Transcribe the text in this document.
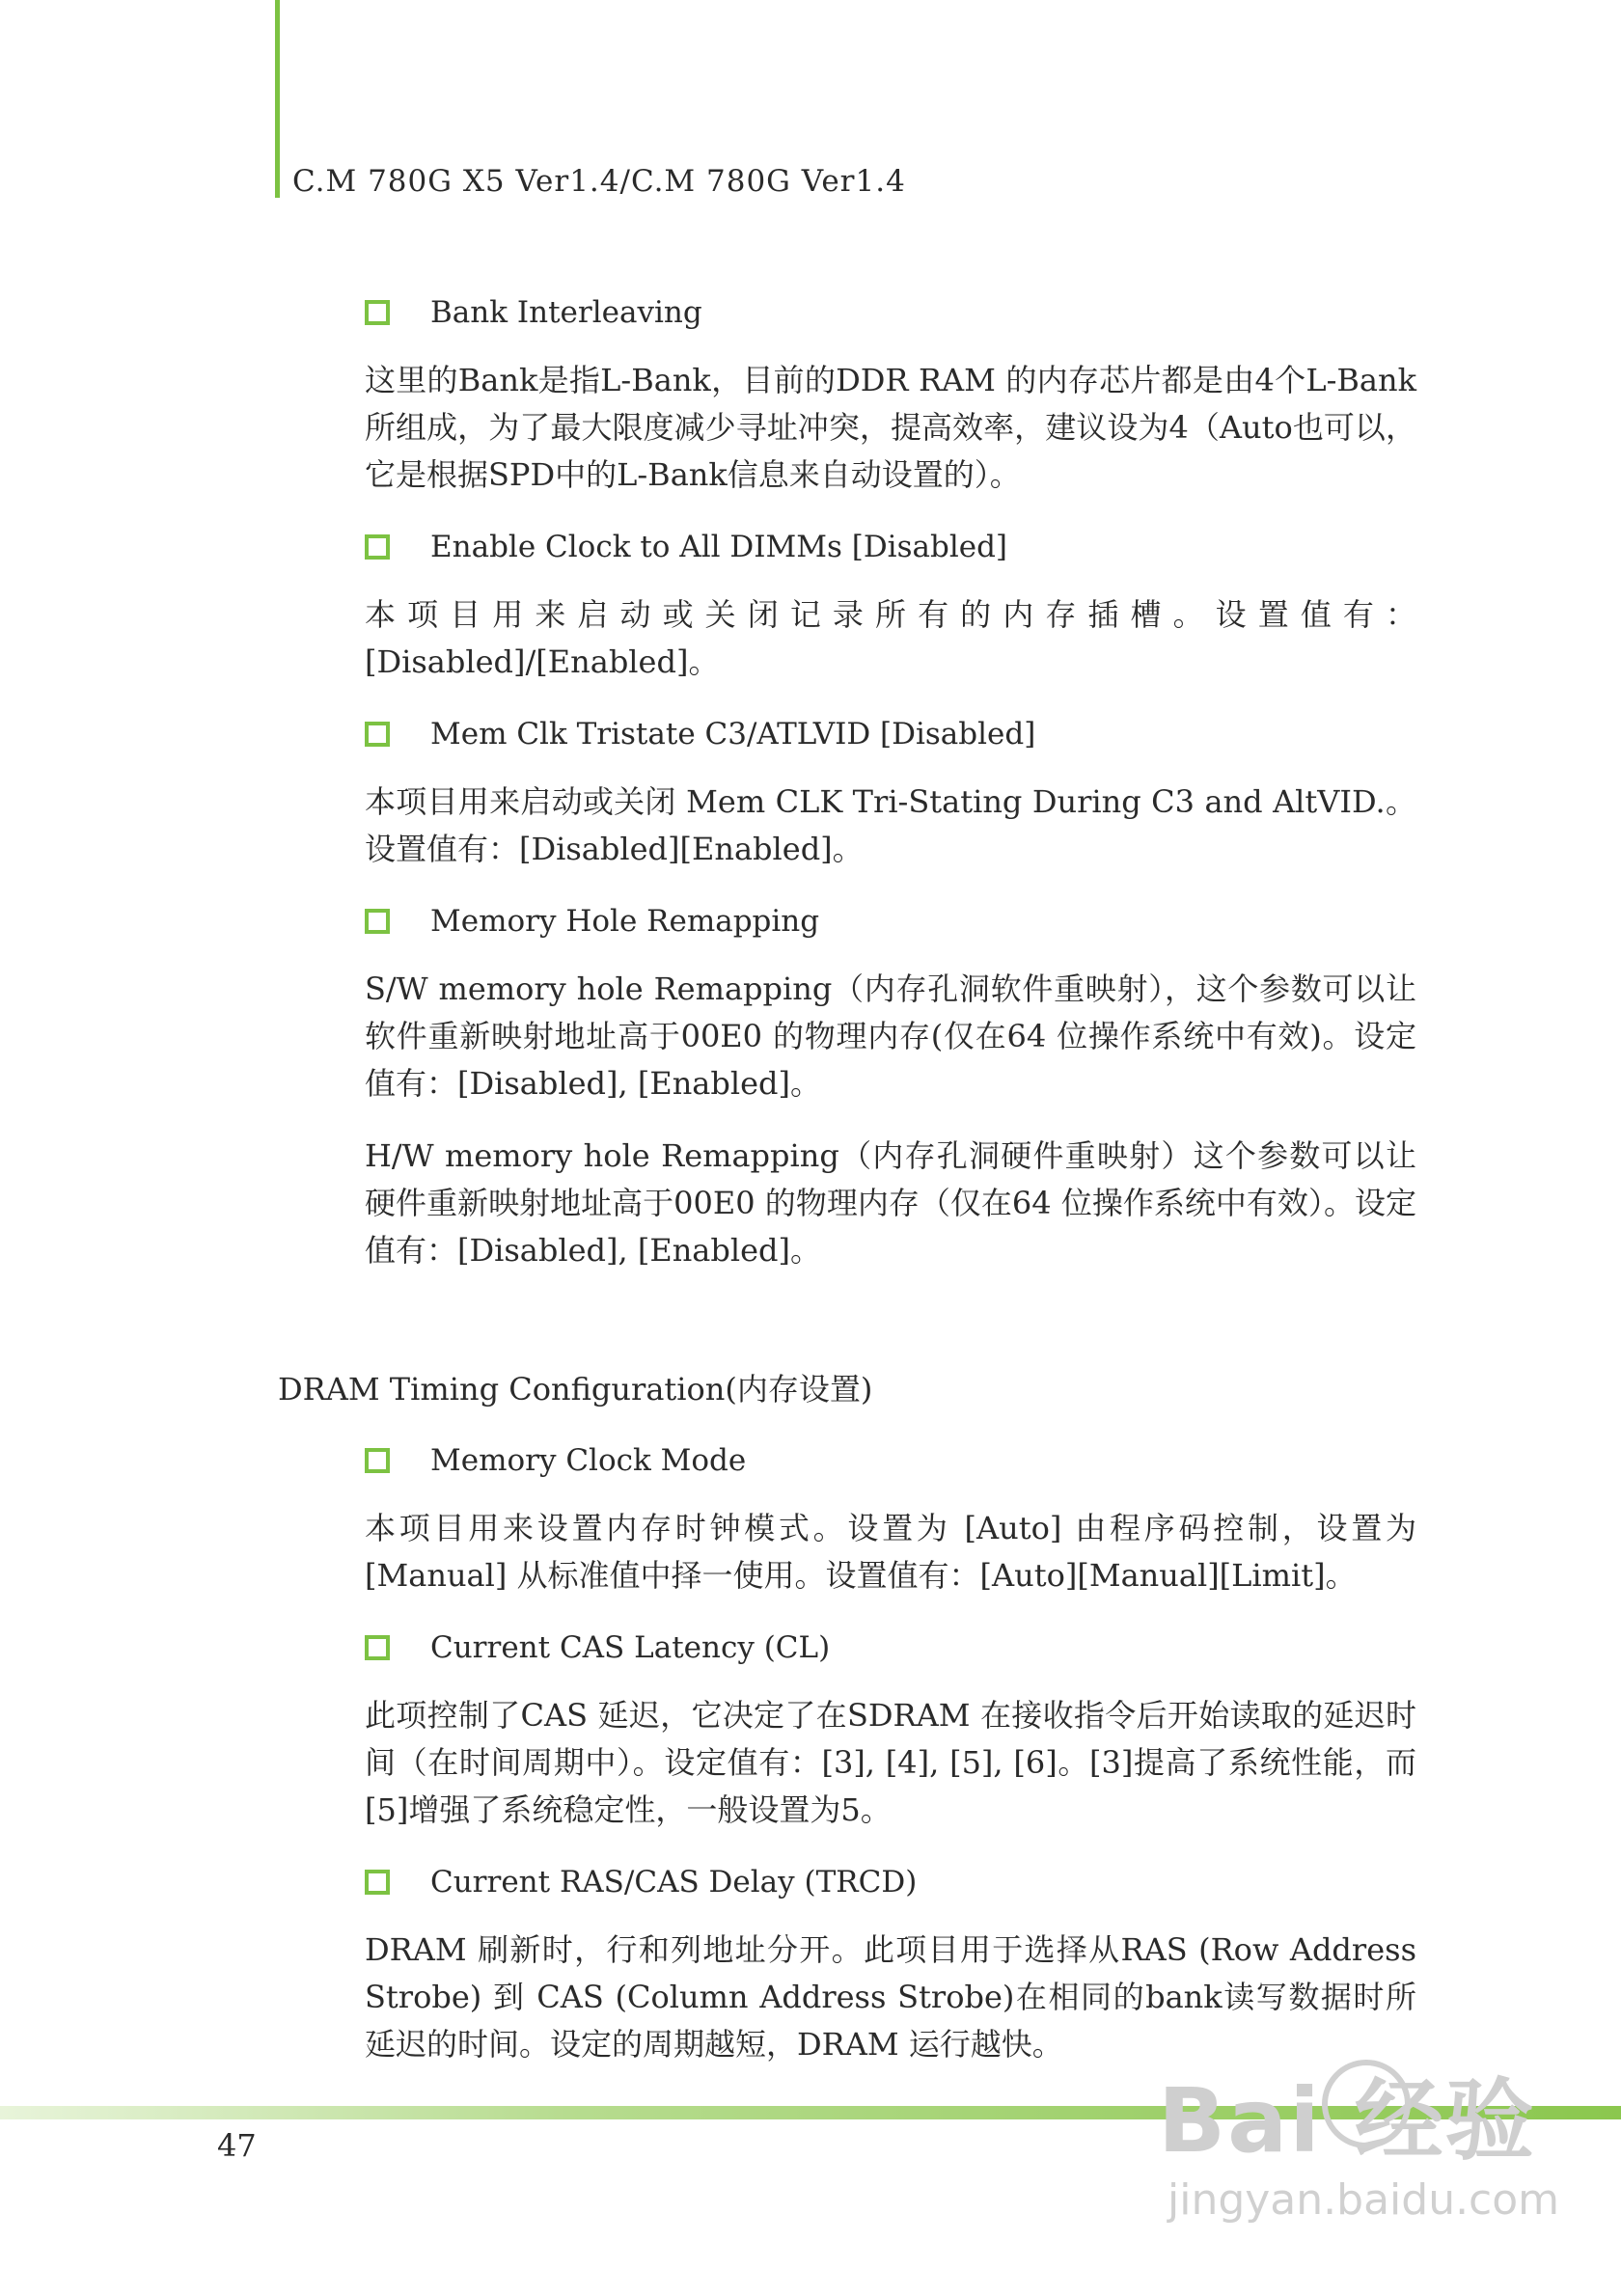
C.M 780G X5 Ver1.4/C.M 780G Ver1.4
Bank Interleaving

这里的Bank是指L-Bank，目前的DDR RAM 的内存芯片都是由4个L-Bank所组成，为了最大限度减少寻址冲突，提高效率，建议设为4（Auto也可以，它是根据SPD中的L-Bank信息来自动设置的）。

Enable Clock to All DIMMs [Disabled]

本项目用来启动或关闭记录所有的内存插槽。设置值有：[Disabled]/[Enabled]。

Mem Clk Tristate C3/ATLVID [Disabled]

本项目用来启动或关闭 Mem CLK Tri-Stating During C3 and AltVID.。设置值有：[Disabled][Enabled]。

Memory Hole Remapping

S/W memory hole Remapping（内存孔洞软件重映射），这个参数可以让软件重新映射地址高于00E0 的物理内存(仅在64 位操作系统中有效)。设定值有：[Disabled], [Enabled]。

H/W memory hole Remapping（内存孔洞硬件重映射）这个参数可以让硬件重新映射地址高于00E0 的物理内存（仅在64 位操作系统中有效）。设定值有：[Disabled], [Enabled]。

DRAM Timing Configuration(内存设置)
Memory Clock Mode

本项目用来设置内存时钟模式。设置为 [Auto] 由程序码控制，设置为[Manual] 从标准值中择一使用。设置值有：[Auto][Manual][Limit]。

Current CAS Latency (CL)

此项控制了CAS 延迟，它决定了在SDRAM 在接收指令后开始读取的延迟时间（在时间周期中）。设定值有：[3], [4], [5], [6]。[3]提高了系统性能，而[5]增强了系统稳定性，一般设置为5。

Current RAS/CAS Delay (TRCD)

DRAM 刷新时，行和列地址分开。此项目用于选择从RAS (Row Address Strobe) 到 CAS (Column Address Strobe)在相同的bank读写数据时所延迟的时间。设定的周期越短，DRAM 运行越快。

47	Bai 经验
jingyan.baidu.com
